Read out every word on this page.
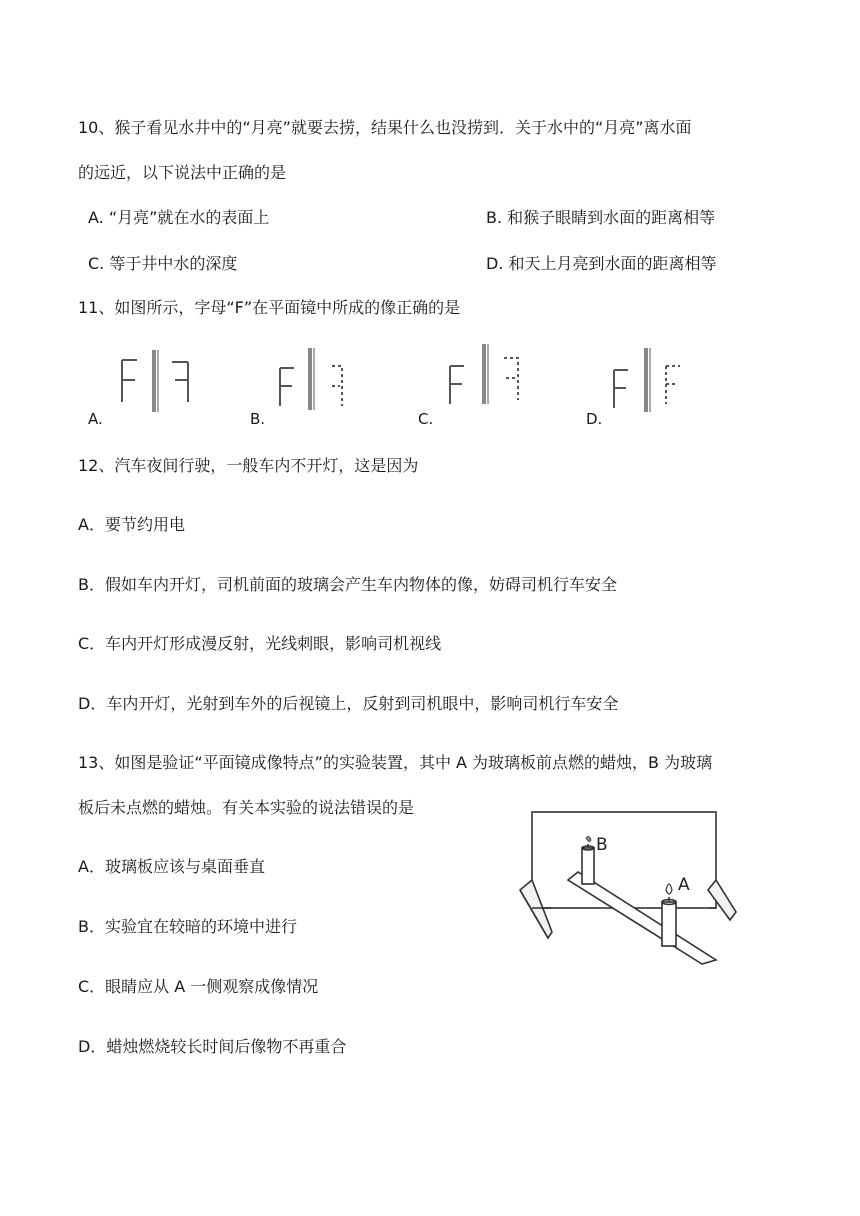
10、猴子看见水井中的“月亮”就要去捞，结果什么也没捞到．关于水中的“月亮”离水面
的远近，以下说法中正确的是
A. “月亮”就在水的表面上	B. 和猴子眼睛到水面的距离相等
C. 等于井中水的深度	D. 和天上月亮到水面的距离相等
11、如图所示，字母“F”在平面镜中所成的像正确的是
A.	B.	C.	D.
12、汽车夜间行驶，一般车内不开灯，这是因为
A．要节约用电
B．假如车内开灯，司机前面的玻璃会产生车内物体的像，妨碍司机行车安全
C．车内开灯形成漫反射，光线刺眼，影响司机视线
D．车内开灯，光射到车外的后视镜上，反射到司机眼中，影响司机行车安全
13、如图是验证“平面镜成像特点”的实验装置，其中 A 为玻璃板前点燃的蜡烛，B 为玻璃
板后未点燃的蜡烛。有关本实验的说法错误的是
A．玻璃板应该与桌面垂直
B．实验宜在较暗的环境中进行
C．眼睛应从 A 一侧观察成像情况
D．蜡烛燃烧较长时间后像物不再重合
B
A
